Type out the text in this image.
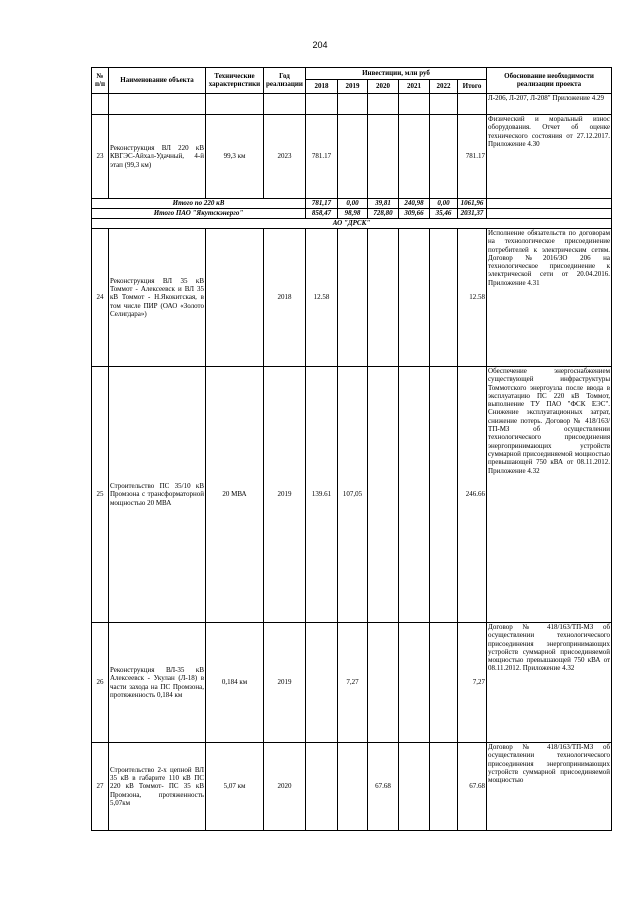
204
№ п/п	Наименование объекта	Технические характеристики	Год реализации	Инвестиции, млн руб						Обоснование необходимости реализации проекта
				2018	2019	2020	2021	2022	Итого	
										Л-206, Л-207, Л-208" Приложение 4.29
23	Реконструкция ВЛ 220 кВ КВГЭС-Айхал-Удачный, 4-й этап (99,3 км)	99,3 км	2023	781.17					781.17	Физический и моральный износ оборудования. Отчет об оценке технического состояния от 27.12.2017. Приложение 4.30
Итого по 220 кВ				781,17	0,00	39,81	240,98	0,00	1061,96	
Итого ПАО "Якутскэнерго"				858,47	98,98	728,80	309,66	35,46	2031,37	
АО "ДРСК"										
24	Реконструкция ВЛ 35 кВ Томмот - Алексеевск и ВЛ 35 кВ Томмот - Н.Якокитская, в том числе ПИР (ОАО «Золото Селигдара»)		2018	12.58					12.58	Исполнение обязательств по договорам на технологическое присоединение потребителей к электрическим сетям. Договор №2016/ЗО 206 на технологическое присоединение к электрической сети от 20.04.2016. Приложение 4.31
25	Строительство ПС 35/10 кВ Промзона с трансформаторной мощностью 20 МВА	20 МВА	2019	139.61	107,05				246.66	Обеспечение энергоснабжением существующей инфраструктуры Томмотского энергоузла после ввода в эксплуатацию ПС 220 кВ Томмот, выполнение ТУ ПАО "ФСК ЕЭС". Снижение эксплуатационных затрат, снижение потерь. Договор № 418/163/ТП-МЗ об осуществлении технологического присоединения энергопринимающих устройств суммарной присоединяемой мощностью превышающей 750 кВА от 08.11.2012. Приложение 4.32
26	Реконструкция ВЛ-35 кВ Алексеевск - Укулан (Л-18) в части захода на ПС Промзона, протяженность 0,184 км	0,184 км	2019		7,27				7,27	Договор № 418/163/ТП-МЗ об осуществлении технологического присоединения энергопринимающих устройств суммарной присоединяемой мощностью превышающей 750 кВА от 08.11.2012. Приложение 4.32
27	Строительство 2-х цепной ВЛ 35 кВ в габарите 110 кВ ПС 220 кВ Томмот- ПС 35 кВ Промзона, протяженность 5,07км	5,07 км	2020			67.68			67.68	Договор № 418/163/ТП-МЗ об осуществлении технологического присоединения энергопринимающих устройств суммарной присоединяемой мощностью
